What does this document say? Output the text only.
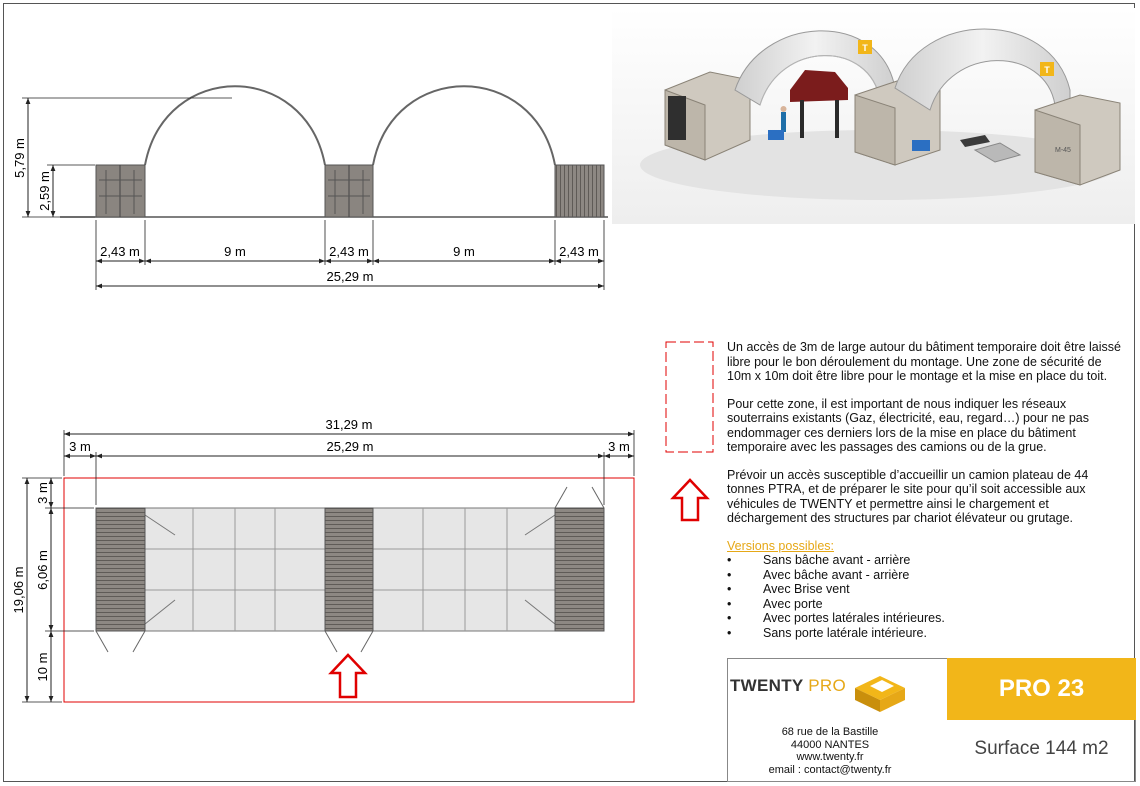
5,79 m
2,59 m
2,43 m	9 m	2,43 m	9 m	2,43 m
25,29 m
M-45
T
T
31,29 m
3 m	25,29 m	3 m
19,06 m
3 m
6,06 m
10 m

Un accès de 3m de large autour du bâtiment temporaire doit être laissé libre pour le bon déroulement du montage. Une zone de sécurité de 10m x 10m doit être libre pour le montage et la mise en place du toit.

Pour cette zone, il est important de nous indiquer les réseaux souterrains existants (Gaz, électricité, eau, regard…) pour ne pas endommager ces derniers lors de la mise en place du bâtiment temporaire avec les passages des camions ou de la grue.

Prévoir un accès susceptible d’accueillir un camion plateau de 44 tonnes PTRA, et de préparer le site pour qu’il soit accessible aux véhicules de TWENTY et permettre ainsi le chargement et déchargement des structures par chariot élévateur ou grutage.

Versions possibles:
• Sans bâche avant - arrière
• Avec bâche avant - arrière
• Avec Brise vent
• Avec porte
• Avec portes latérales intérieures.
• Sans porte latérale intérieure.
TWENTY PRO
68 rue de la Bastille
44000 NANTES
www.twenty.fr
email : contact@twenty.fr
PRO 23
Surface 144 m2
